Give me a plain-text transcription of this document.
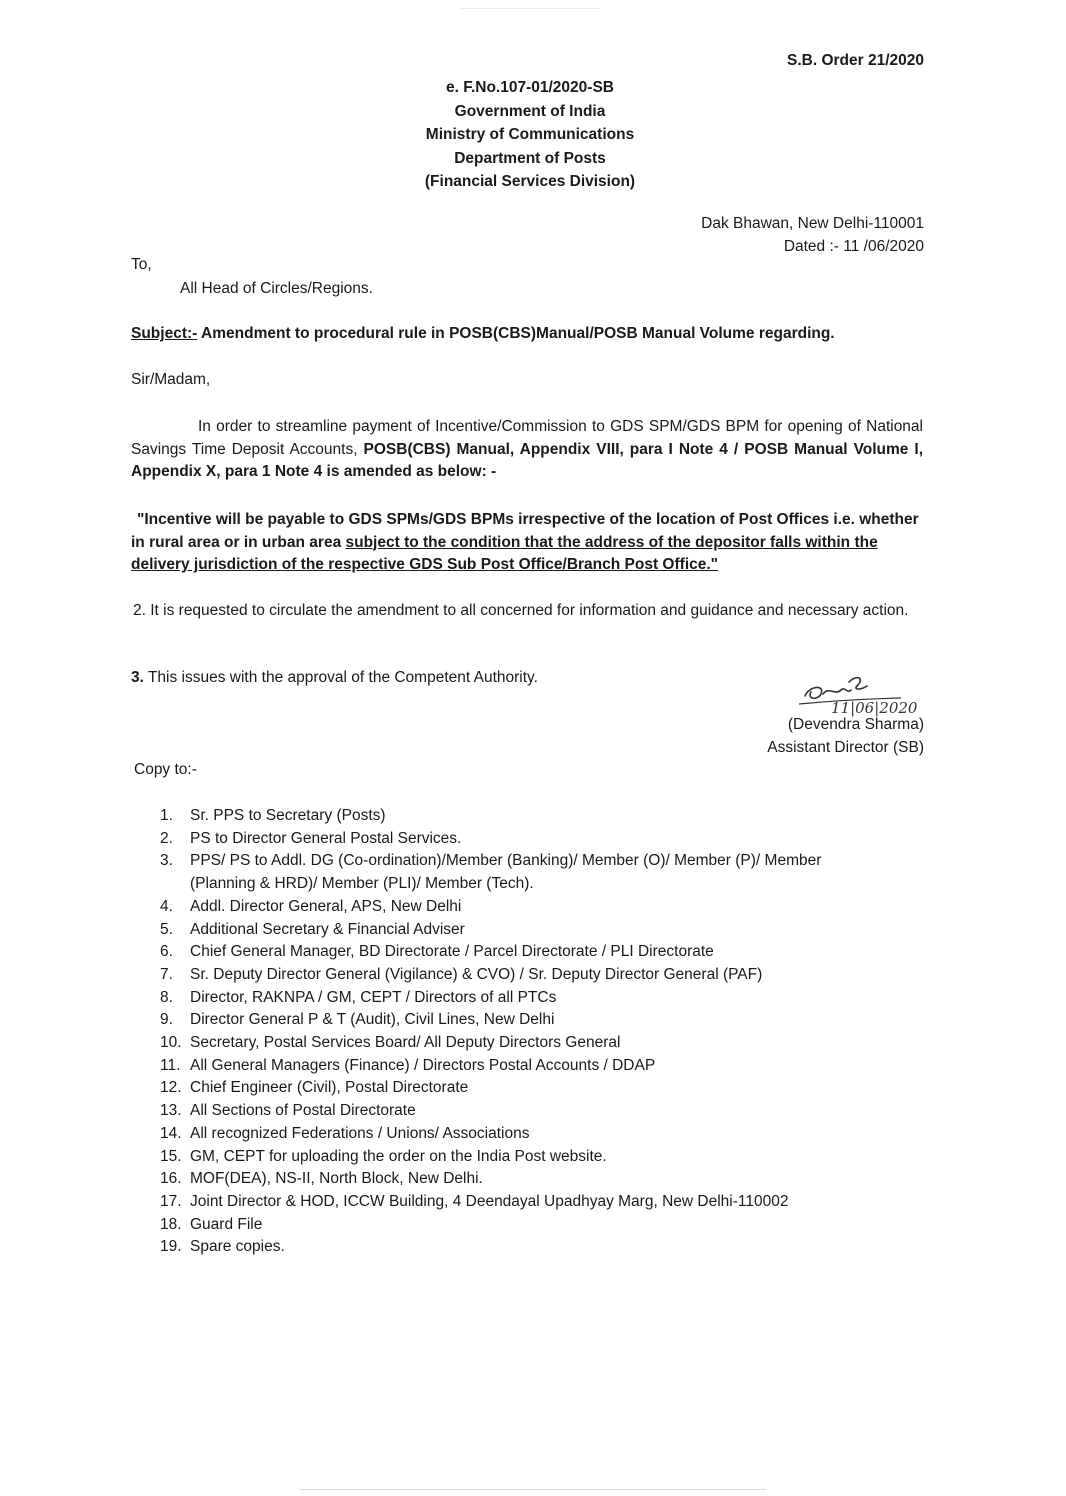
S.B. Order 21/2020
e. F.No.107-01/2020-SB
Government of India
Ministry of Communications
Department of Posts
(Financial Services Division)
Dak Bhawan, New Delhi-110001
Dated :- 11 /06/2020
To,
All Head of Circles/Regions.
Subject:- Amendment to procedural rule in POSB(CBS)Manual/POSB Manual Volume regarding.
Sir/Madam,
In order to streamline payment of Incentive/Commission to GDS SPM/GDS BPM for opening of National Savings Time Deposit Accounts, POSB(CBS) Manual, Appendix VIII, para I Note 4 / POSB Manual Volume I, Appendix X, para 1 Note 4 is amended as below: -
"Incentive will be payable to GDS SPMs/GDS BPMs irrespective of the location of Post Offices i.e. whether in rural area or in urban area subject to the condition that the address of the depositor falls within the delivery jurisdiction of the respective GDS Sub Post Office/Branch Post Office."
2. It is requested to circulate the amendment to all concerned for information and guidance and necessary action.
3. This issues with the approval of the Competent Authority.
11|06|2020
(Devendra Sharma)
Assistant Director (SB)
Copy to:-
1. Sr. PPS to Secretary (Posts)
2. PS to Director General Postal Services.
3. PPS/ PS to Addl. DG (Co-ordination)/Member (Banking)/ Member (O)/ Member (P)/ Member
(Planning & HRD)/ Member (PLI)/ Member (Tech).
4. Addl. Director General, APS, New Delhi
5. Additional Secretary & Financial Adviser
6. Chief General Manager, BD Directorate / Parcel Directorate / PLI Directorate
7. Sr. Deputy Director General (Vigilance) & CVO) / Sr. Deputy Director General (PAF)
8. Director, RAKNPA / GM, CEPT / Directors of all PTCs
9. Director General P & T (Audit), Civil Lines, New Delhi
10. Secretary, Postal Services Board/ All Deputy Directors General
11. All General Managers (Finance) / Directors Postal Accounts / DDAP
12. Chief Engineer (Civil), Postal Directorate
13. All Sections of Postal Directorate
14. All recognized Federations / Unions/ Associations
15. GM, CEPT for uploading the order on the India Post website.
16. MOF(DEA), NS-II, North Block, New Delhi.
17. Joint Director & HOD, ICCW Building, 4 Deendayal Upadhyay Marg, New Delhi-110002
18. Guard File
19. Spare copies.
